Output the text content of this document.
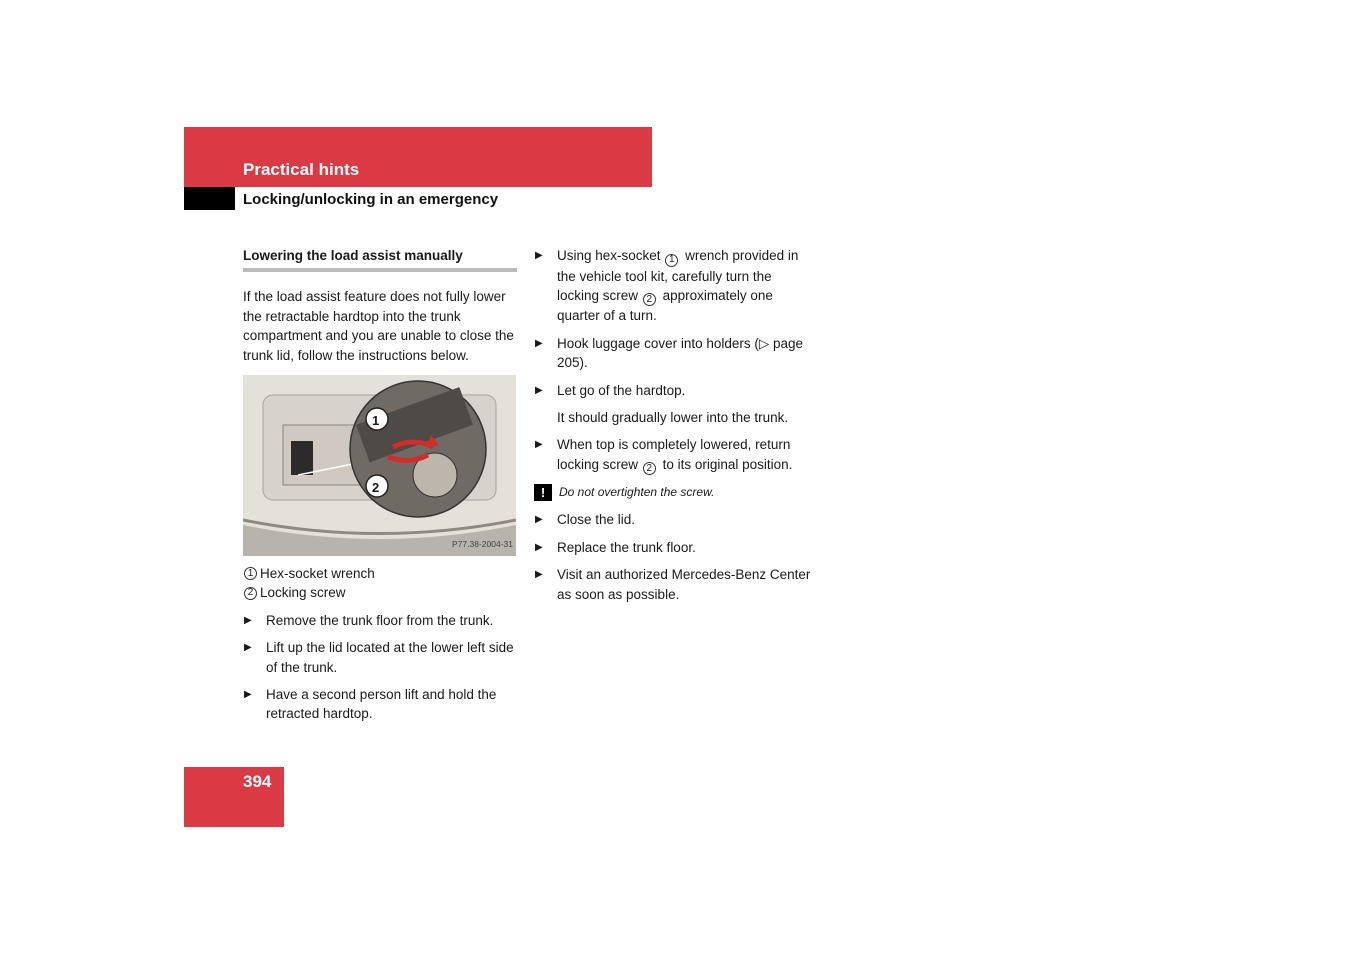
Practical hints
Locking/unlocking in an emergency
Lowering the load assist manually

If the load assist feature does not fully lower the retractable hardtop into the trunk compartment and you are unable to close the trunk lid, follow the instructions below.

1
2
P77.38-2004-31
1 Hex-socket wrench
2 Locking screw
▶ Remove the trunk floor from the trunk.
▶ Lift up the lid located at the lower left side of the trunk.
▶ Have a second person lift and hold the retracted hardtop.
▶ Using hex-socket 1 wrench provided in the vehicle tool kit, carefully turn the locking screw 2 approximately one quarter of a turn.
▶ Hook luggage cover into holders (▷ page 205).
▶ Let go of the hardtop.

It should gradually lower into the trunk.

▶ When top is completely lowered, return locking screw 2 to its original position.
!	Do not overtighten the screw.
▶ Close the lid.
▶ Replace the trunk floor.
▶ Visit an authorized Mercedes-Benz Center as soon as possible.
394
